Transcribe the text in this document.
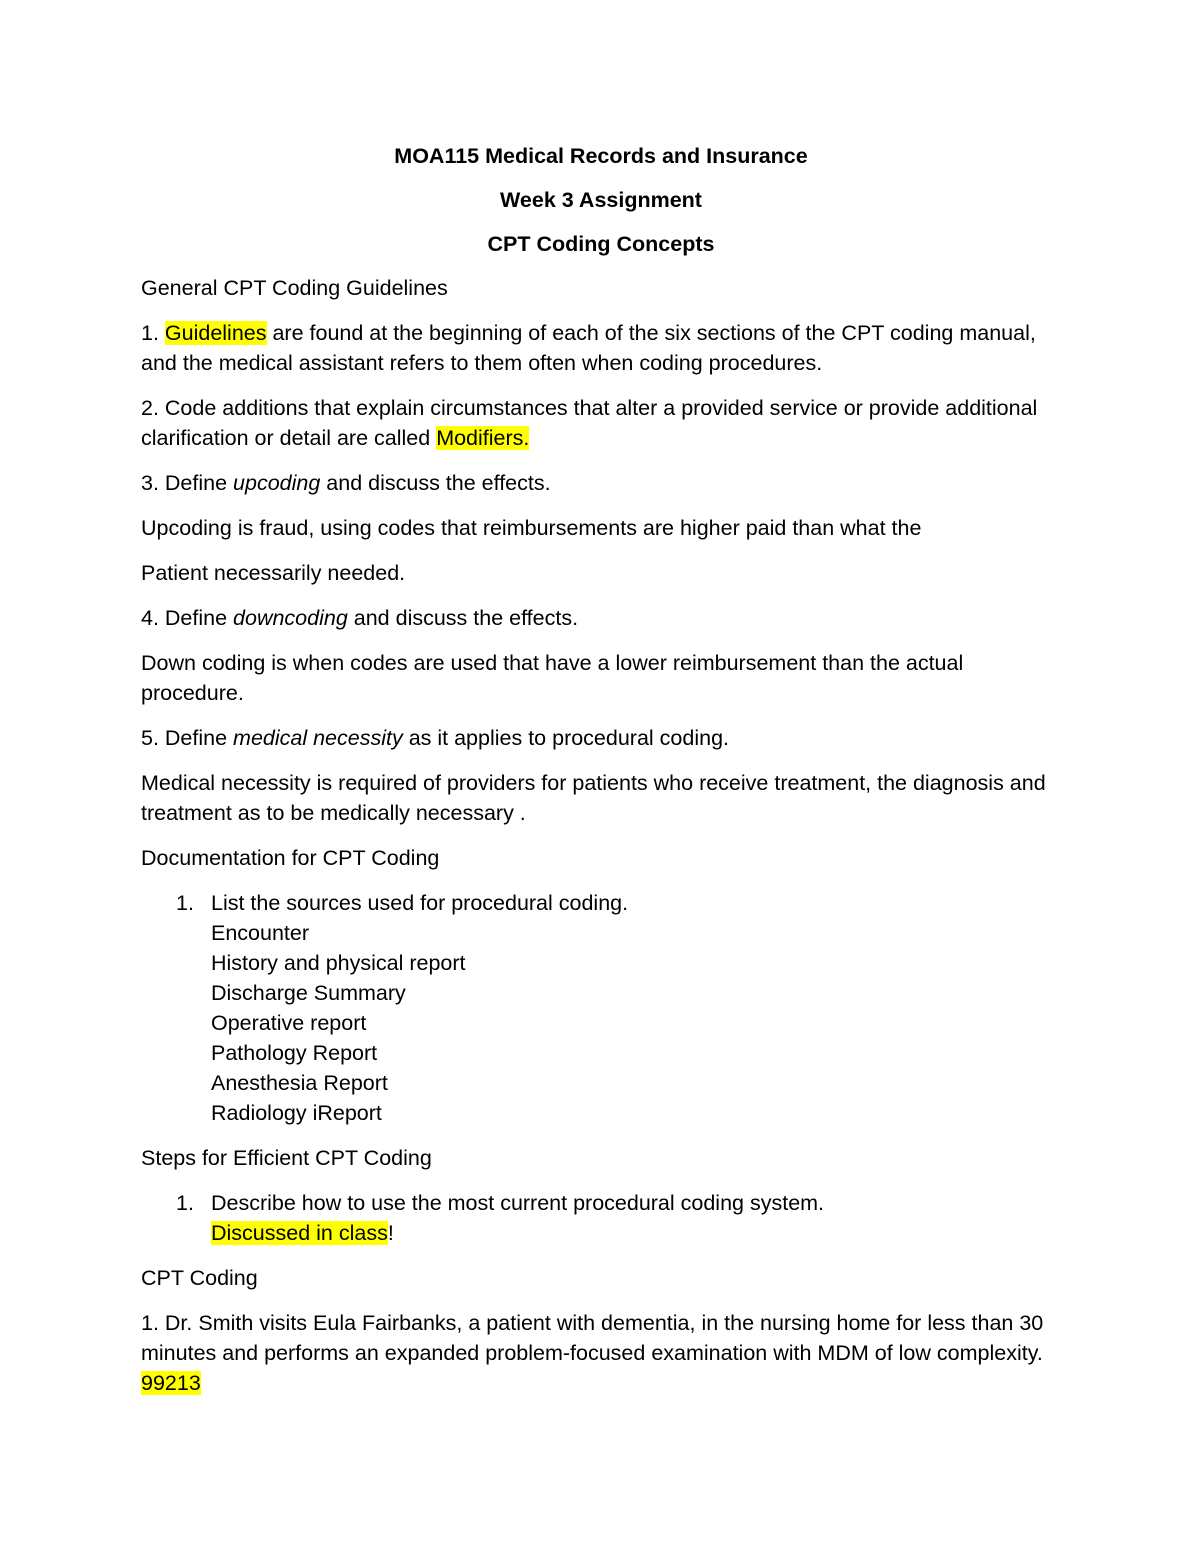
MOA115 Medical Records and Insurance
Week 3 Assignment
CPT Coding Concepts

General CPT Coding Guidelines

1. Guidelines are found at the beginning of each of the six sections of the CPT coding manual, and the medical assistant refers to them often when coding procedures.

2. Code additions that explain circumstances that alter a provided service or provide additional clarification or detail are called Modifiers.

3. Define upcoding and discuss the effects.

Upcoding is fraud, using codes that reimbursements are higher paid than what the

Patient necessarily needed.

4. Define downcoding and discuss the effects.

Down coding is when codes are used that have a lower reimbursement than the actual procedure.

5. Define medical necessity as it applies to procedural coding.

Medical necessity is required of providers for patients who receive treatment, the diagnosis and treatment as to be medically necessary .

Documentation for CPT Coding

1. List the sources used for procedural coding.
Encounter
History and physical report
Discharge Summary
Operative report
Pathology Report
Anesthesia Report
Radiology iReport

Steps for Efficient CPT Coding

1. Describe how to use the most current procedural coding system.
Discussed in class!

CPT Coding

1. Dr. Smith visits Eula Fairbanks, a patient with dementia, in the nursing home for less than 30 minutes and performs an expanded problem-focused examination with MDM of low complexity. 99213
